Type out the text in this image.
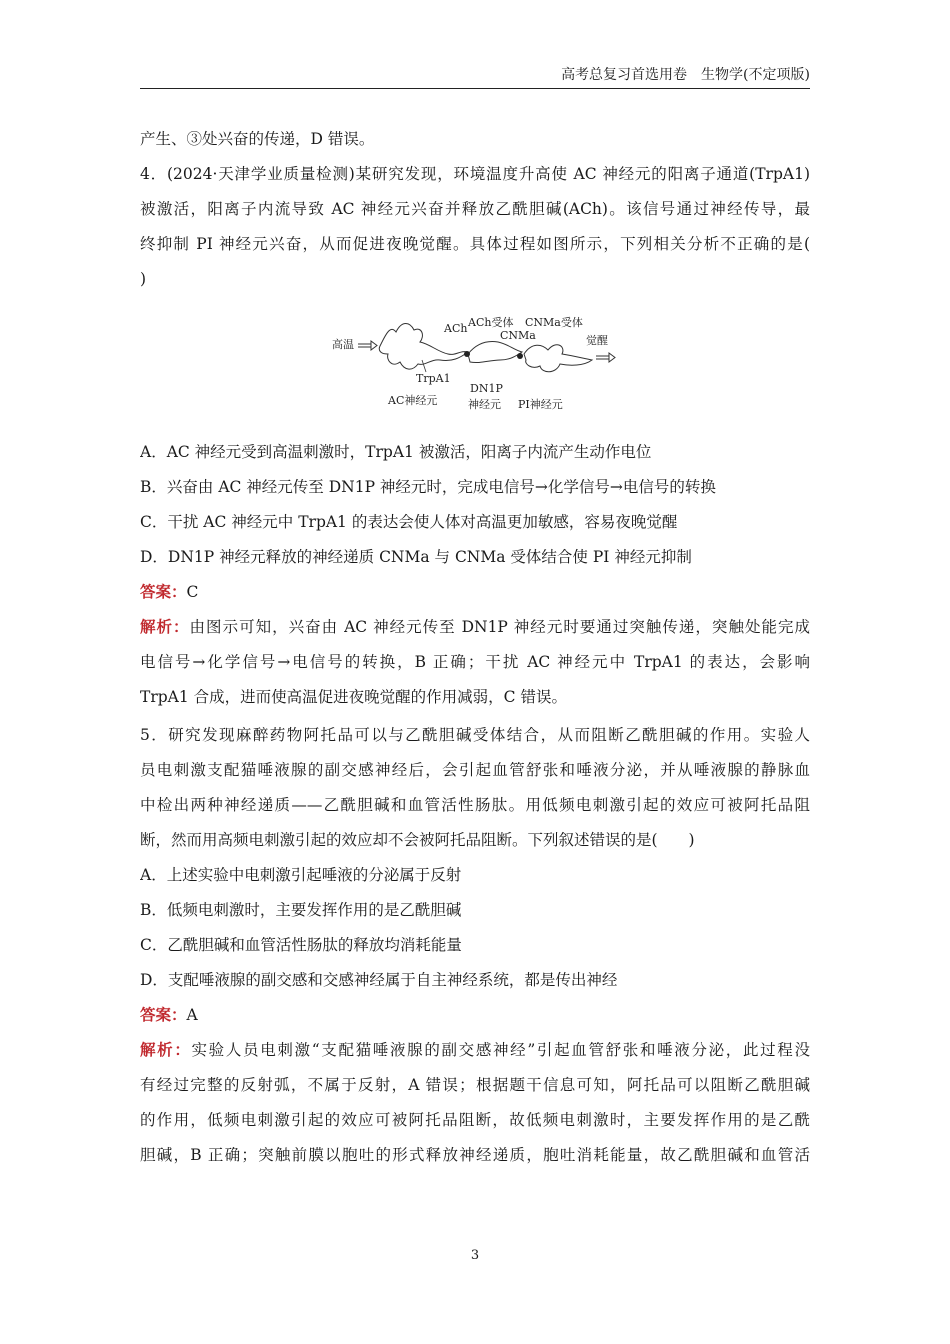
高考总复习首选用卷　生物学(不定项版)
产生、③处兴奋的传递，D 错误。
4．(2024·天津学业质量检测)某研究发现，环境温度升高使 AC 神经元的阳离子通道(TrpA1)
被激活，阳离子内流导致 AC 神经元兴奋并释放乙酰胆碱(ACh)。该信号通过神经传导，最
终抑制 PI 神经元兴奋，从而促进夜晚觉醒。具体过程如图所示，下列相关分析不正确的是(
)
高温
TrpA1
ACh ACh受体 CNMa受体
CNMa	觉醒
AC神经元
DN1P
神经元 PI神经元
A．AC 神经元受到高温刺激时，TrpA1 被激活，阳离子内流产生动作电位
B．兴奋由 AC 神经元传至 DN1P 神经元时，完成电信号→化学信号→电信号的转换
C．干扰 AC 神经元中 TrpA1 的表达会使人体对高温更加敏感，容易夜晚觉醒
D．DN1P 神经元释放的神经递质 CNMa 与 CNMa 受体结合使 PI 神经元抑制
答案：C
解析：由图示可知，兴奋由 AC 神经元传至 DN1P 神经元时要通过突触传递，突触处能完成
电信号→化学信号→电信号的转换，B 正确；干扰 AC 神经元中 TrpA1 的表达，会影响
TrpA1 合成，进而使高温促进夜晚觉醒的作用减弱，C 错误。
5．研究发现麻醉药物阿托品可以与乙酰胆碱受体结合，从而阻断乙酰胆碱的作用。实验人
员电刺激支配猫唾液腺的副交感神经后，会引起血管舒张和唾液分泌，并从唾液腺的静脉血
中检出两种神经递质——乙酰胆碱和血管活性肠肽。用低频电刺激引起的效应可被阿托品阻
断，然而用高频电刺激引起的效应却不会被阿托品阻断。下列叙述错误的是(　　)
A．上述实验中电刺激引起唾液的分泌属于反射
B．低频电刺激时，主要发挥作用的是乙酰胆碱
C．乙酰胆碱和血管活性肠肽的释放均消耗能量
D．支配唾液腺的副交感和交感神经属于自主神经系统，都是传出神经
答案：A
解析：实验人员电刺激“支配猫唾液腺的副交感神经”引起血管舒张和唾液分泌，此过程没
有经过完整的反射弧，不属于反射，A 错误；根据题干信息可知，阿托品可以阻断乙酰胆碱
的作用，低频电刺激引起的效应可被阿托品阻断，故低频电刺激时，主要发挥作用的是乙酰
胆碱，B 正确；突触前膜以胞吐的形式释放神经递质，胞吐消耗能量，故乙酰胆碱和血管活
3
